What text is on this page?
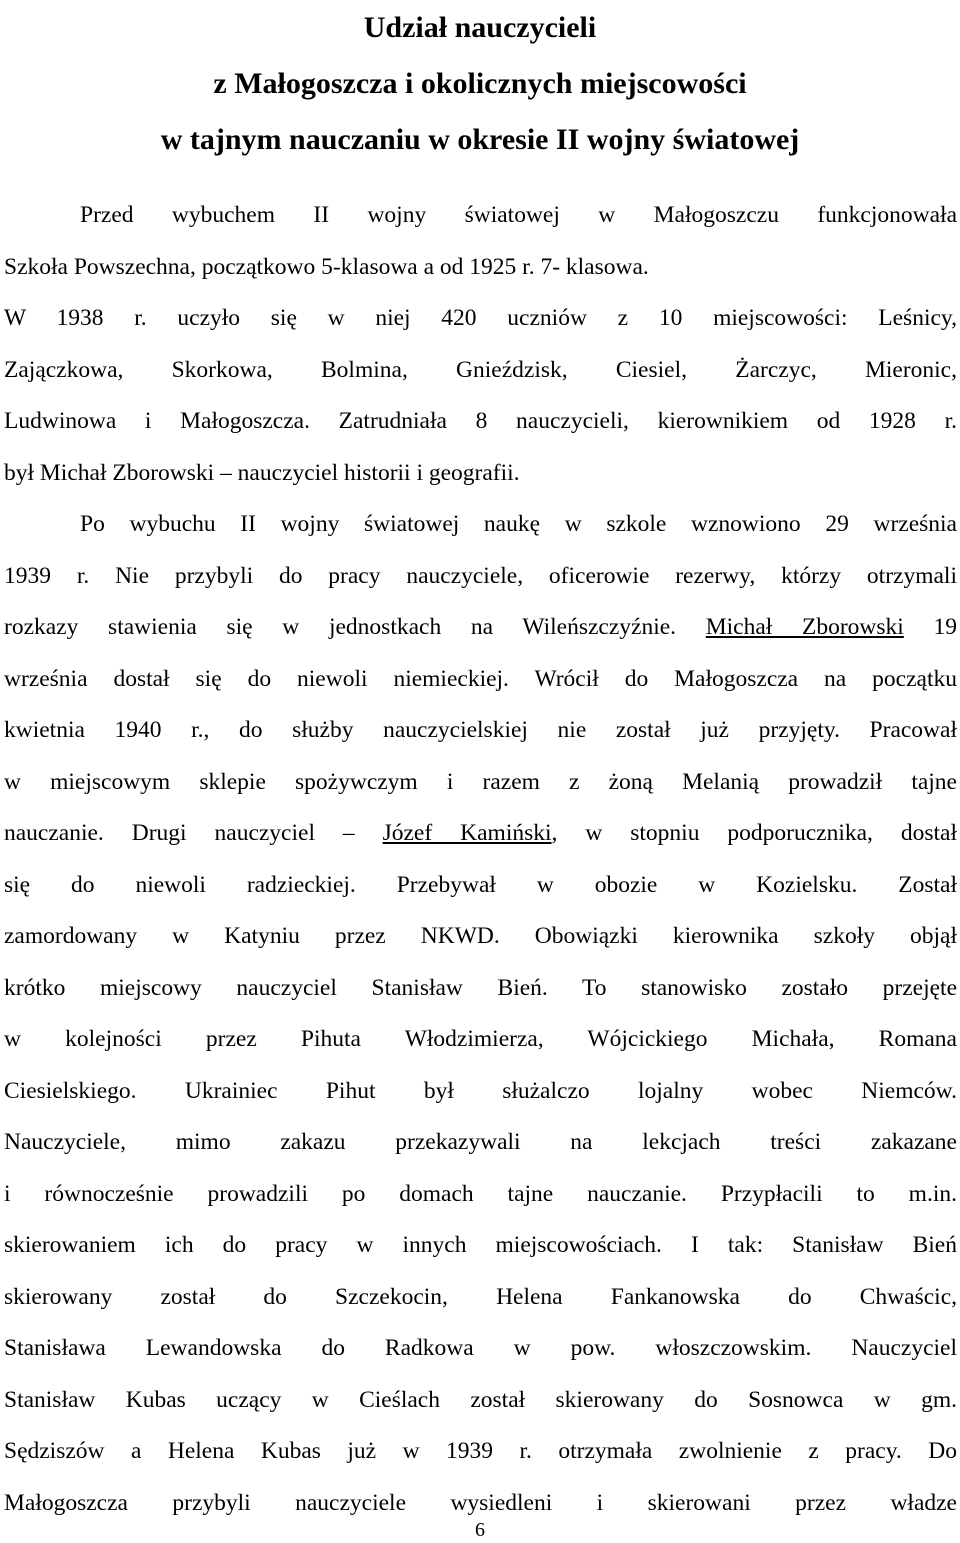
Udział nauczycieli
z Małogoszcza i okolicznych miejscowości
w tajnym nauczaniu w okresie II wojny światowej
Przed wybuchem II wojny światowej w Małogoszczu funkcjonowała
Szkoła Powszechna, początkowo 5-klasowa a od 1925 r. 7- klasowa.
W 1938 r. uczyło się w niej 420 uczniów z 10 miejscowości: Leśnicy,
Zajączkowa, Skorkowa, Bolmina, Gnieździsk, Ciesiel, Żarczyc, Mieronic,
Ludwinowa i Małogoszcza. Zatrudniała 8 nauczycieli, kierownikiem od 1928 r.
był Michał Zborowski – nauczyciel historii i geografii.
Po wybuchu II wojny światowej naukę w szkole wznowiono 29 września
1939 r. Nie przybyli do pracy nauczyciele, oficerowie rezerwy, którzy otrzymali
rozkazy stawienia się w jednostkach na Wileńszczyźnie. Michał Zborowski 19
września dostał się do niewoli niemieckiej. Wrócił do Małogoszcza na początku
kwietnia 1940 r., do służby nauczycielskiej nie został już przyjęty. Pracował
w miejscowym sklepie spożywczym i razem z żoną Melanią prowadził tajne
nauczanie. Drugi nauczyciel – Józef Kamiński, w stopniu podporucznika, dostał
się do niewoli radzieckiej. Przebywał w obozie w Kozielsku. Został
zamordowany w Katyniu przez NKWD. Obowiązki kierownika szkoły objął
krótko miejscowy nauczyciel Stanisław Bień. To stanowisko zostało przejęte
w kolejności przez Pihuta Włodzimierza, Wójcickiego Michała, Romana
Ciesielskiego. Ukrainiec Pihut był służalczo lojalny wobec Niemców.
Nauczyciele, mimo zakazu przekazywali na lekcjach treści zakazane
i równocześnie prowadzili po domach tajne nauczanie. Przypłacili to m.in.
skierowaniem ich do pracy w innych miejscowościach. I tak: Stanisław Bień
skierowany został do Szczekocin, Helena Fankanowska do Chwaścic,
Stanisława Lewandowska do Radkowa w pow. włoszczowskim. Nauczyciel
Stanisław Kubas uczący w Cieślach został skierowany do Sosnowca w gm.
Sędziszów a Helena Kubas już w 1939 r. otrzymała zwolnienie z pracy. Do
Małogoszcza przybyli nauczyciele wysiedleni i skierowani przez władze
6
